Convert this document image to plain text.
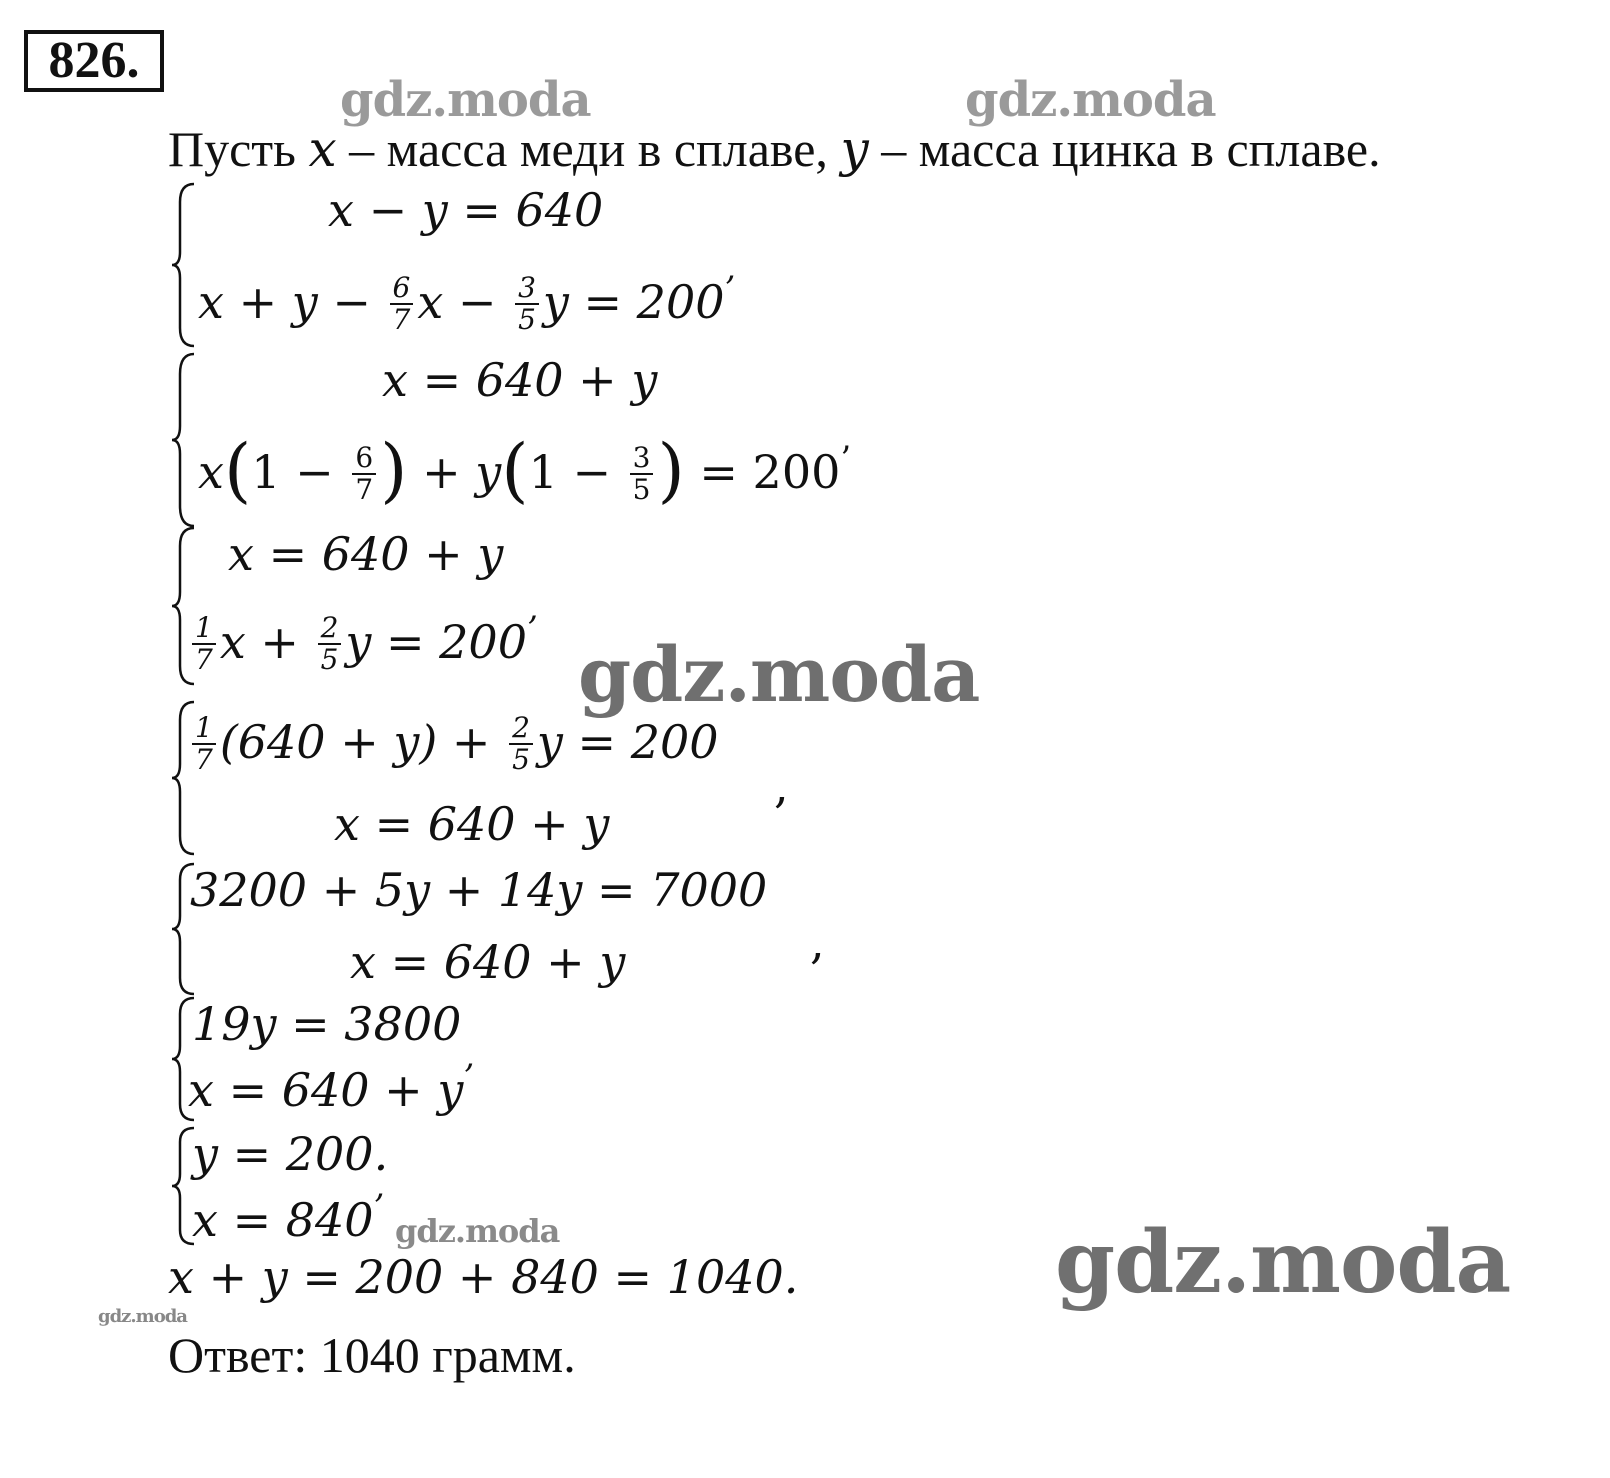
826.
gdz.moda	gdz.moda
Пусть x – масса меди в сплаве, y – масса цинка в сплаве.
x − y = 640
$x + y - \frac{6}{7}$ $x - \frac{3}{5}$ y = 200’
x = 640 + y
$x(1 - \frac{6}{7}$ ) + $y(1 - \frac{3}{5}$ ) = 200’
x = 640 + y
$\frac{1}{7}$ $x + \frac{2}{5}$ y = 200’
gdz.moda
$\frac{1}{7} (640 + y) + \frac{2}{5}$ y = 200
x = 640 + y
,
3200 + 5y + 14y = 7000
x = 640 + y	,
19y = 3800
x = 640 + y’
y = 200.
x = 840’
gdz.moda	gdz.moda
x + y = 200 + 840 = 1040.
gdz.moda
Ответ: 1040 грамм.
